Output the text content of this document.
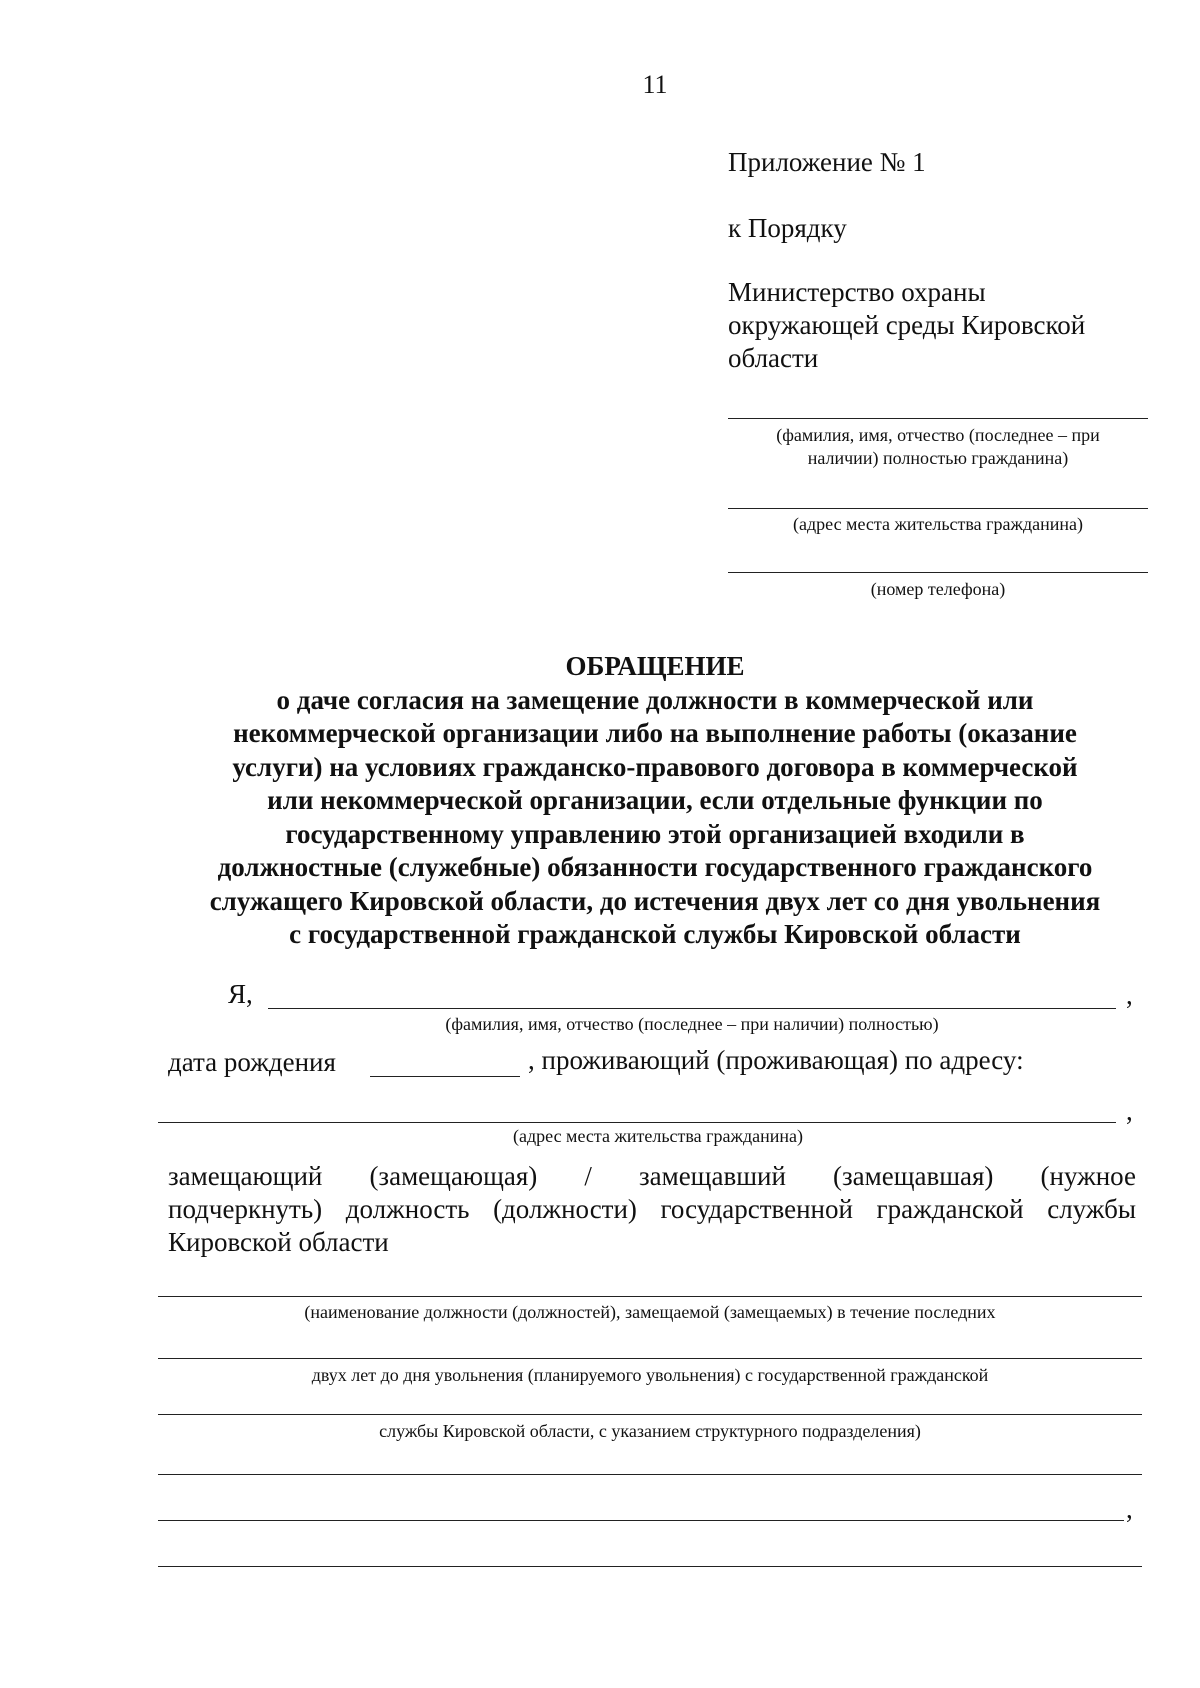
11
Приложение № 1
к Порядку
Министерство охраны
окружающей среды Кировской
области
(фамилия, имя, отчество (последнее – при
наличии) полностью гражданина)
(адрес места жительства гражданина)
(номер телефона)
ОБРАЩЕНИЕ
о даче согласия на замещение должности в коммерческой или
некоммерческой организации либо на выполнение работы (оказание
услуги) на условиях гражданско-правового договора в коммерческой
или некоммерческой организации, если отдельные функции по
государственному управлению этой организацией входили в
должностные (служебные) обязанности государственного гражданского
служащего Кировской области, до истечения двух лет со дня увольнения
с государственной гражданской службы Кировской области
Я,	,
(фамилия, имя, отчество (последнее – при наличии) полностью)
дата рождения	, проживающий (проживающая) по адресу:
,
(адрес места жительства гражданина)
замещающий (замещающая) / замещавший (замещавшая) (нужное
подчеркнуть) должность (должности) государственной гражданской службы
Кировской области
(наименование должности (должностей), замещаемой (замещаемых) в течение последних
двух лет до дня увольнения (планируемого увольнения) с государственной гражданской
службы Кировской области, с указанием структурного подразделения)
,
